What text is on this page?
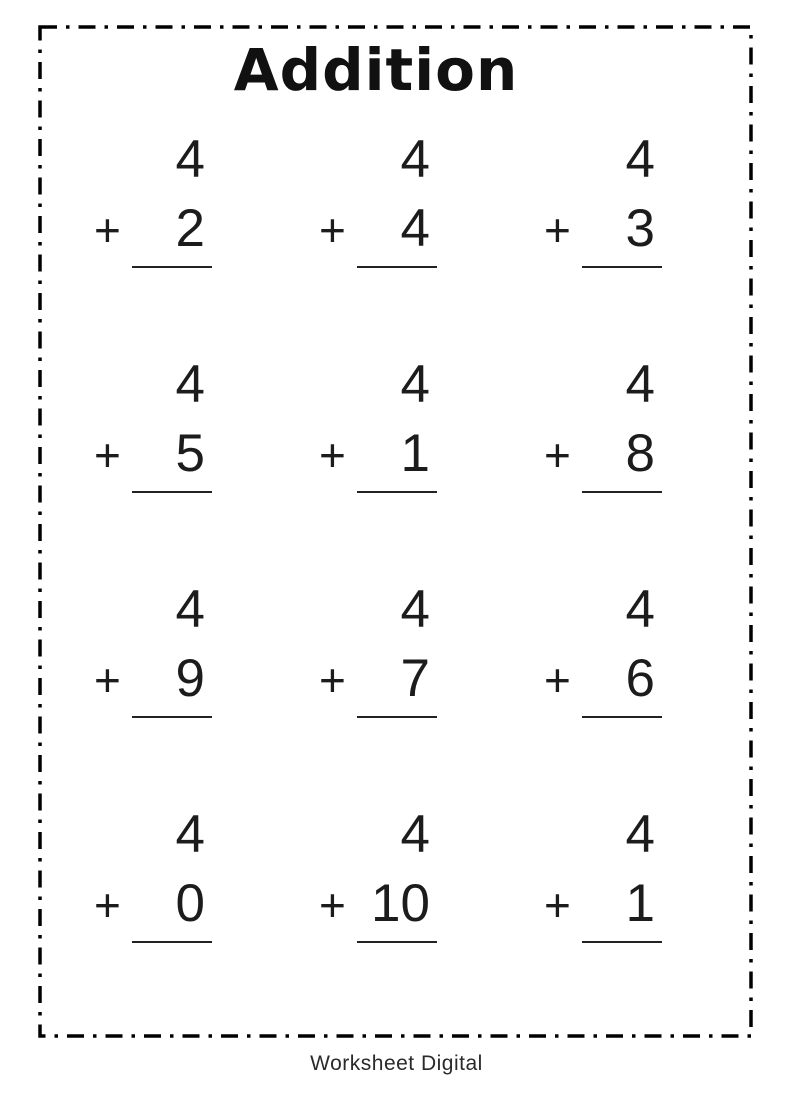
Addition
4
+ 2
4
+ 4
4
+ 3
4
+ 5
4
+ 1
4
+ 8
4
+ 9
4
+ 7
4
+ 6
4
+ 0
4
+ 10
4
+ 1
Worksheet Digital
